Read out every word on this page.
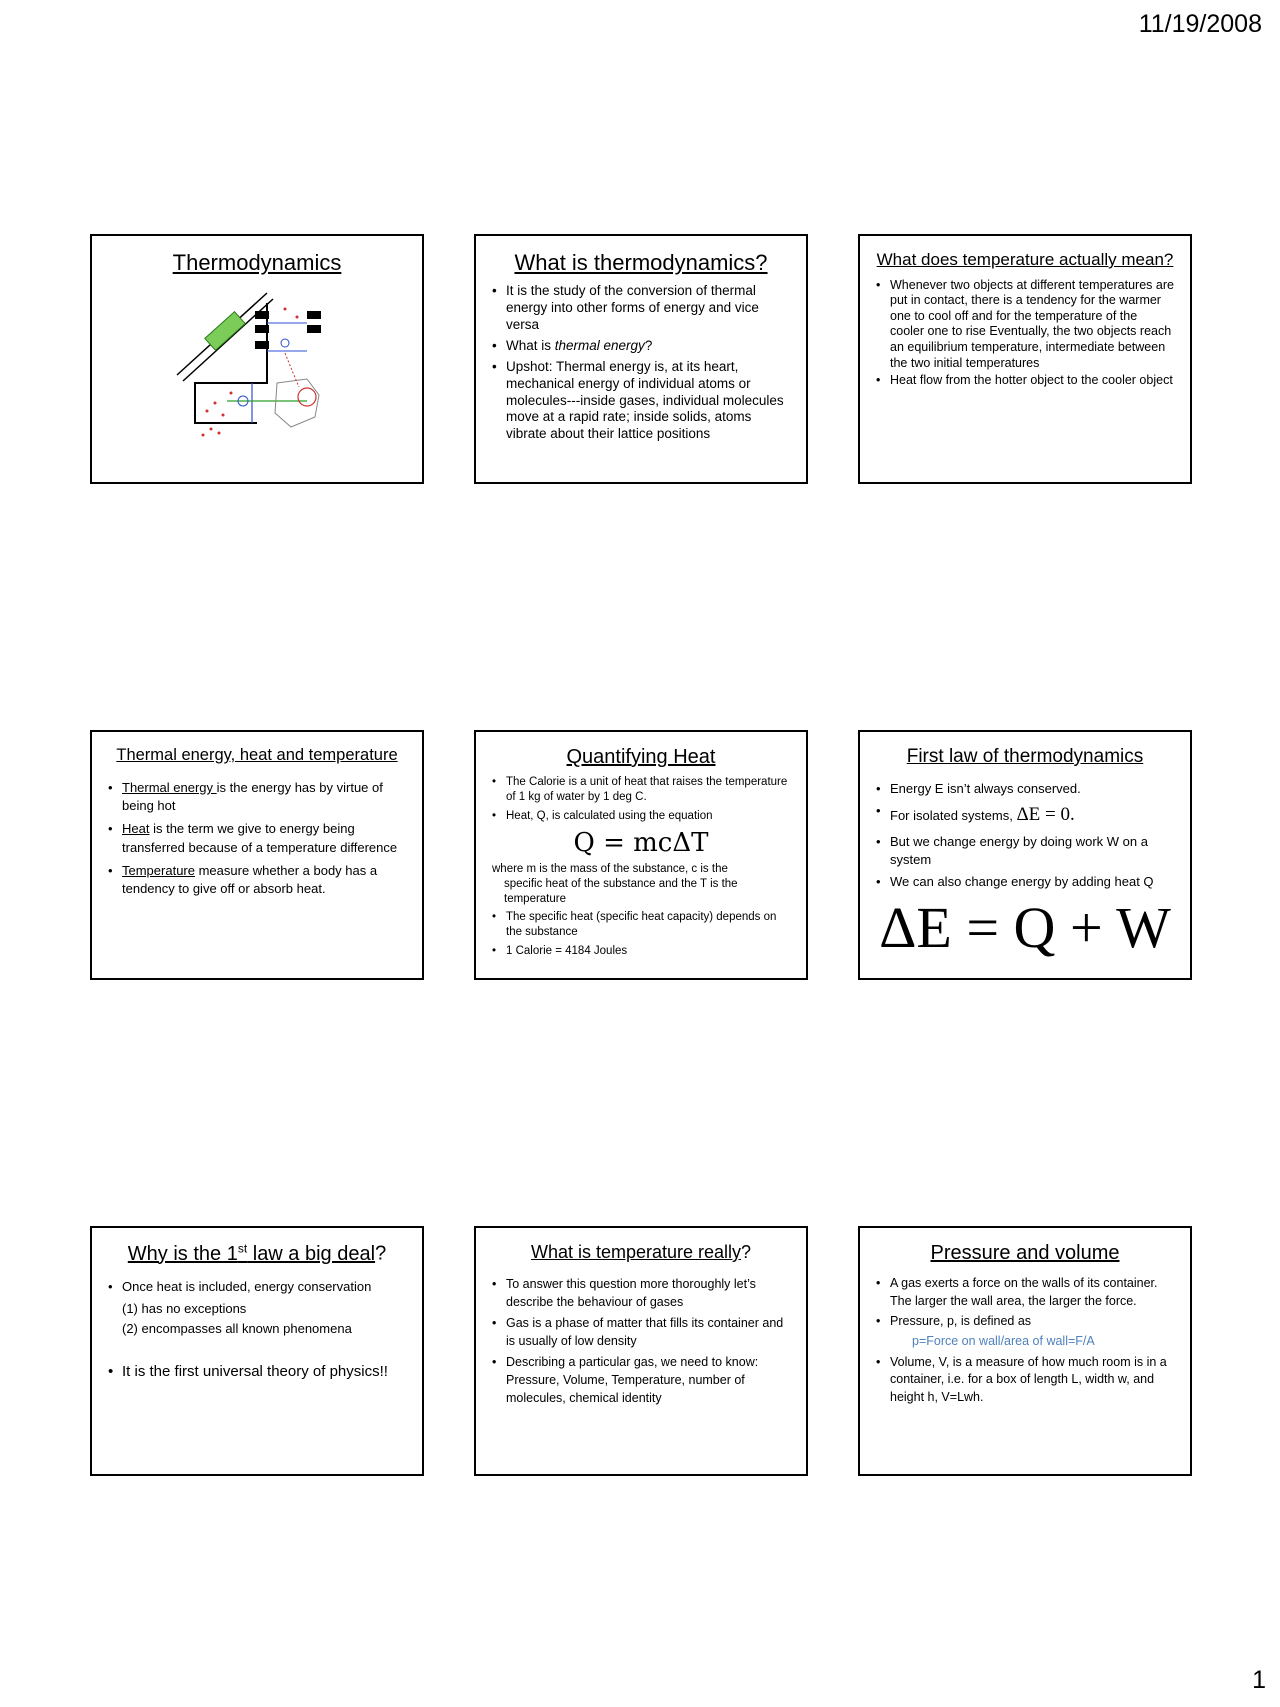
11/19/2008
Thermodynamics	What is thermodynamics?
• It is the study of the conversion of thermal energy into other forms of energy and vice versa
• What is thermal energy?
• Upshot: Thermal energy is, at its heart, mechanical energy of individual atoms or molecules---inside gases, individual molecules move at a rapid rate; inside solids, atoms vibrate about their lattice positions
What does temperature actually mean?
• Whenever two objects at different temperatures are put in contact, there is a tendency for the warmer one to cool off and for the temperature of the cooler one to rise Eventually, the two objects reach an equilibrium temperature, intermediate between the two initial temperatures
• Heat flow from the hotter object to the cooler object
Thermal energy, heat and temperature
• Thermal energy is the energy has by virtue of being hot
• Heat is the term we give to energy being transferred because of a temperature difference
• Temperature measure whether a body has a tendency to give off or absorb heat.
Quantifying Heat
• The Calorie is a unit of heat that raises the temperature of 1 kg of water by 1 deg C.
• Heat, Q, is calculated using the equation
Q = mcΔT
where m is the mass of the substance, c is the
specific heat of the substance and the T is the temperature
• The specific heat (specific heat capacity) depends on the substance
• 1 Calorie = 4184 Joules
First law of thermodynamics
• Energy E isn’t always conserved.
• For isolated systems, ΔE = 0.
• But we change energy by doing work W on a system
• We can also change energy by adding heat Q
ΔE = Q + W
Why is the 1st law a big deal?
• Once heat is included, energy conservation
(1) has no exceptions
(2) encompasses all known phenomena
• It is the first universal theory of physics!!
What is temperature really?
• To answer this question more thoroughly let’s describe the behaviour of gases
• Gas is a phase of matter that fills its container and is usually of low density
• Describing a particular gas, we need to know: Pressure, Volume, Temperature, number of molecules, chemical identity
Pressure and volume
• A gas exerts a force on the walls of its container. The larger the wall area, the larger the force.
• Pressure, p, is defined as
p=Force on wall/area of wall=F/A
• Volume, V, is a measure of how much room is in a container, i.e. for a box of length L, width w, and height h, V=Lwh.
1
